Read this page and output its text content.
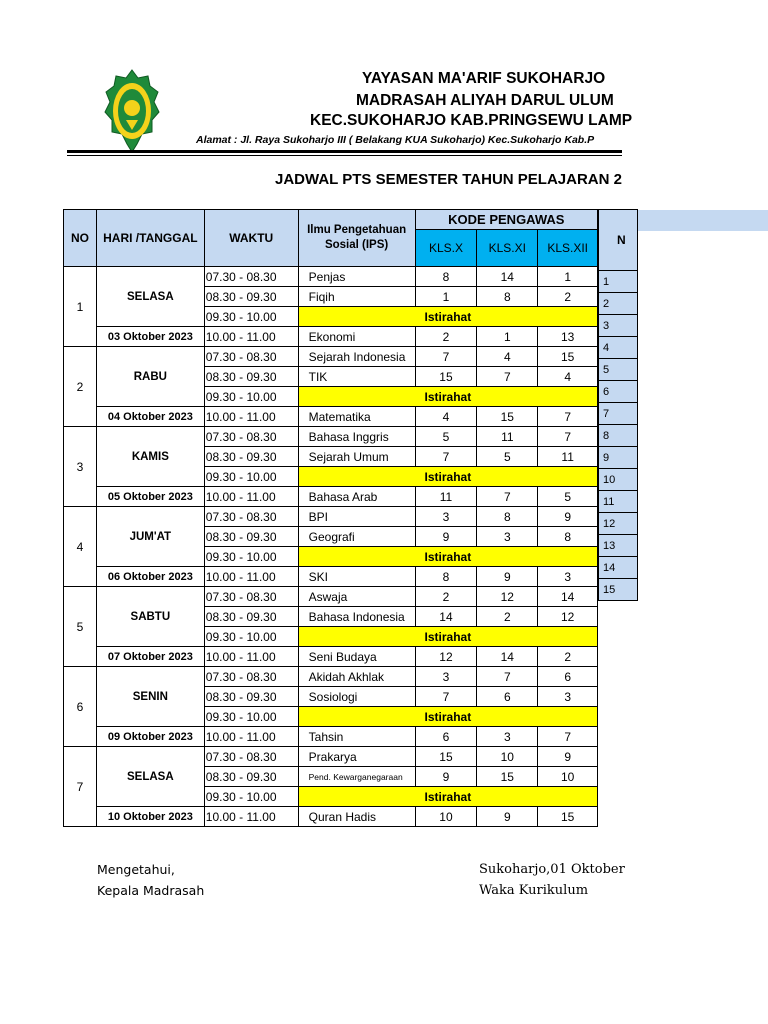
YAYASAN MA'ARIF SUKOHARJO
MADRASAH ALIYAH DARUL ULUM
KEC.SUKOHARJO KAB.PRINGSEWU LAMP
Alamat : Jl. Raya Sukoharjo III ( Belakang KUA Sukoharjo) Kec.Sukoharjo Kab.P
JADWAL PTS SEMESTER TAHUN PELAJARAN 2
NO	HARI /TANGGAL	WAKTU	Ilmu Pengetahuan
Sosial (IPS)	KODE PENGAWAS			
				KLS.X	KLS.XI	KLS.XII	
1	SELASA	07.30 - 08.30	Penjas	8	14	1	
		08.30 - 09.30	Fiqih	1	8	2	
		09.30 - 10.00	Istirahat				
	03 Oktober 2023	10.00 - 11.00	Ekonomi	2	1	13	
2	RABU	07.30 - 08.30	Sejarah Indonesia	7	4	15	
		08.30 - 09.30	TIK	15	7	4	
		09.30 - 10.00	Istirahat				
	04 Oktober 2023	10.00 - 11.00	Matematika	4	15	7	
3	KAMIS	07.30 - 08.30	Bahasa Inggris	5	11	7	
		08.30 - 09.30	Sejarah Umum	7	5	11	
		09.30 - 10.00	Istirahat				
	05 Oktober 2023	10.00 - 11.00	Bahasa Arab	11	7	5	
4	JUM'AT	07.30 - 08.30	BPI	3	8	9	
		08.30 - 09.30	Geografi	9	3	8	
		09.30 - 10.00	Istirahat				
	06 Oktober 2023	10.00 - 11.00	SKI	8	9	3	
5	SABTU	07.30 - 08.30	Aswaja	2	12	14	
		08.30 - 09.30	Bahasa Indonesia	14	2	12	
		09.30 - 10.00	Istirahat				
	07 Oktober 2023	10.00 - 11.00	Seni Budaya	12	14	2	
6	SENIN	07.30 - 08.30	Akidah Akhlak	3	7	6	
		08.30 - 09.30	Sosiologi	7	6	3	
		09.30 - 10.00	Istirahat				
	09 Oktober 2023	10.00 - 11.00	Tahsin	6	3	7	
7	SELASA	07.30 - 08.30	Prakarya	15	10	9	
		08.30 - 09.30	Pend. Kewarganegaraan	9	15	10	
		09.30 - 10.00	Istirahat				
	10 Oktober 2023	10.00 - 11.00	Quran Hadis	10	9	15	
N
1
2
3
4
5
6
7
8
9
10
11
12
13
14
15
Mengetahui,
Kepala Madrasah
Sukoharjo,01 Oktober
Waka Kurikulum
